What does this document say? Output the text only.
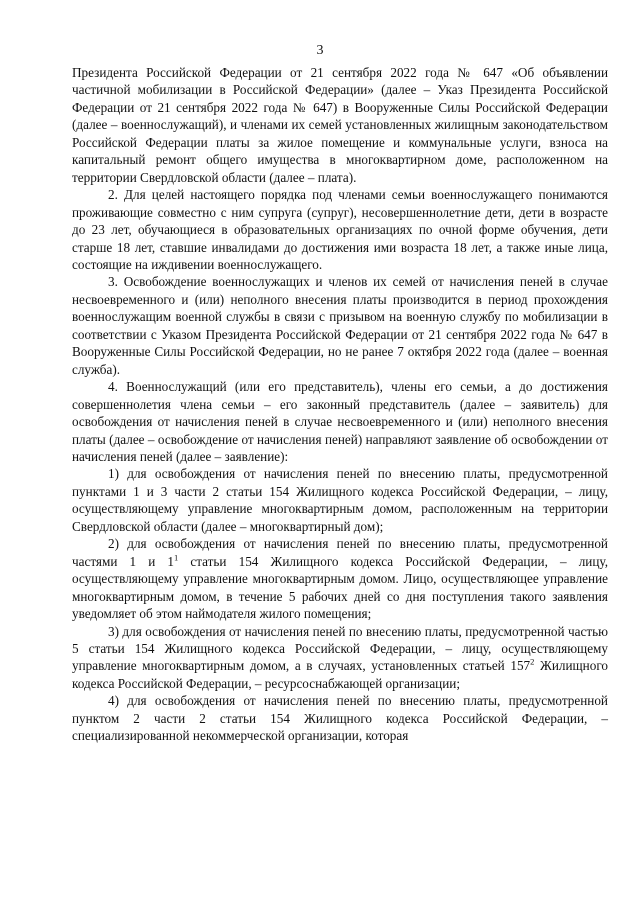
3

Президента Российской Федерации от 21 сентября 2022 года № 647 «Об объявлении частичной мобилизации в Российской Федерации» (далее – Указ Президента Российской Федерации от 21 сентября 2022 года № 647) в Вооруженные Силы Российской Федерации (далее – военнослужащий), и членами их семей установленных жилищным законодательством Российской Федерации платы за жилое помещение и коммунальные услуги, взноса на капитальный ремонт общего имущества в многоквартирном доме, расположенном на территории Свердловской области (далее – плата).

2. Для целей настоящего порядка под членами семьи военнослужащего понимаются проживающие совместно с ним супруга (супруг), несовершеннолетние дети, дети в возрасте до 23 лет, обучающиеся в образовательных организациях по очной форме обучения, дети старше 18 лет, ставшие инвалидами до достижения ими возраста 18 лет, а также иные лица, состоящие на иждивении военнослужащего.

3. Освобождение военнослужащих и членов их семей от начисления пеней в случае несвоевременного и (или) неполного внесения платы производится в период прохождения военнослужащим военной службы в связи с призывом на военную службу по мобилизации в соответствии с Указом Президента Российской Федерации от 21 сентября 2022 года № 647 в Вооруженные Силы Российской Федерации, но не ранее 7 октября 2022 года (далее – военная служба).

4. Военнослужащий (или его представитель), члены его семьи, а до достижения совершеннолетия члена семьи – его законный представитель (далее – заявитель) для освобождения от начисления пеней в случае несвоевременного и (или) неполного внесения платы (далее – освобождение от начисления пеней) направляют заявление об освобождении от начисления пеней (далее – заявление):

1) для освобождения от начисления пеней по внесению платы, предусмотренной пунктами 1 и 3 части 2 статьи 154 Жилищного кодекса Российской Федерации, – лицу, осуществляющему управление многоквартирным домом, расположенным на территории Свердловской области (далее – многоквартирный дом);

2) для освобождения от начисления пеней по внесению платы, предусмотренной частями 1 и $1^1$ статьи 154 Жилищного кодекса Российской Федерации, – лицу, осуществляющему управление многоквартирным домом. Лицо, осуществляющее управление многоквартирным домом, в течение 5 рабочих дней со дня поступления такого заявления уведомляет об этом наймодателя жилого помещения;

3) для освобождения от начисления пеней по внесению платы, предусмотренной частью 5 статьи 154 Жилищного кодекса Российской Федерации, – лицу, осуществляющему управление многоквартирным домом, а в случаях, установленных статьей $157^2$ Жилищного кодекса Российской Федерации, – ресурсоснабжающей организации;

4) для освобождения от начисления пеней по внесению платы, предусмотренной пунктом 2 части 2 статьи 154 Жилищного кодекса Российской Федерации, – специализированной некоммерческой организации, которая
